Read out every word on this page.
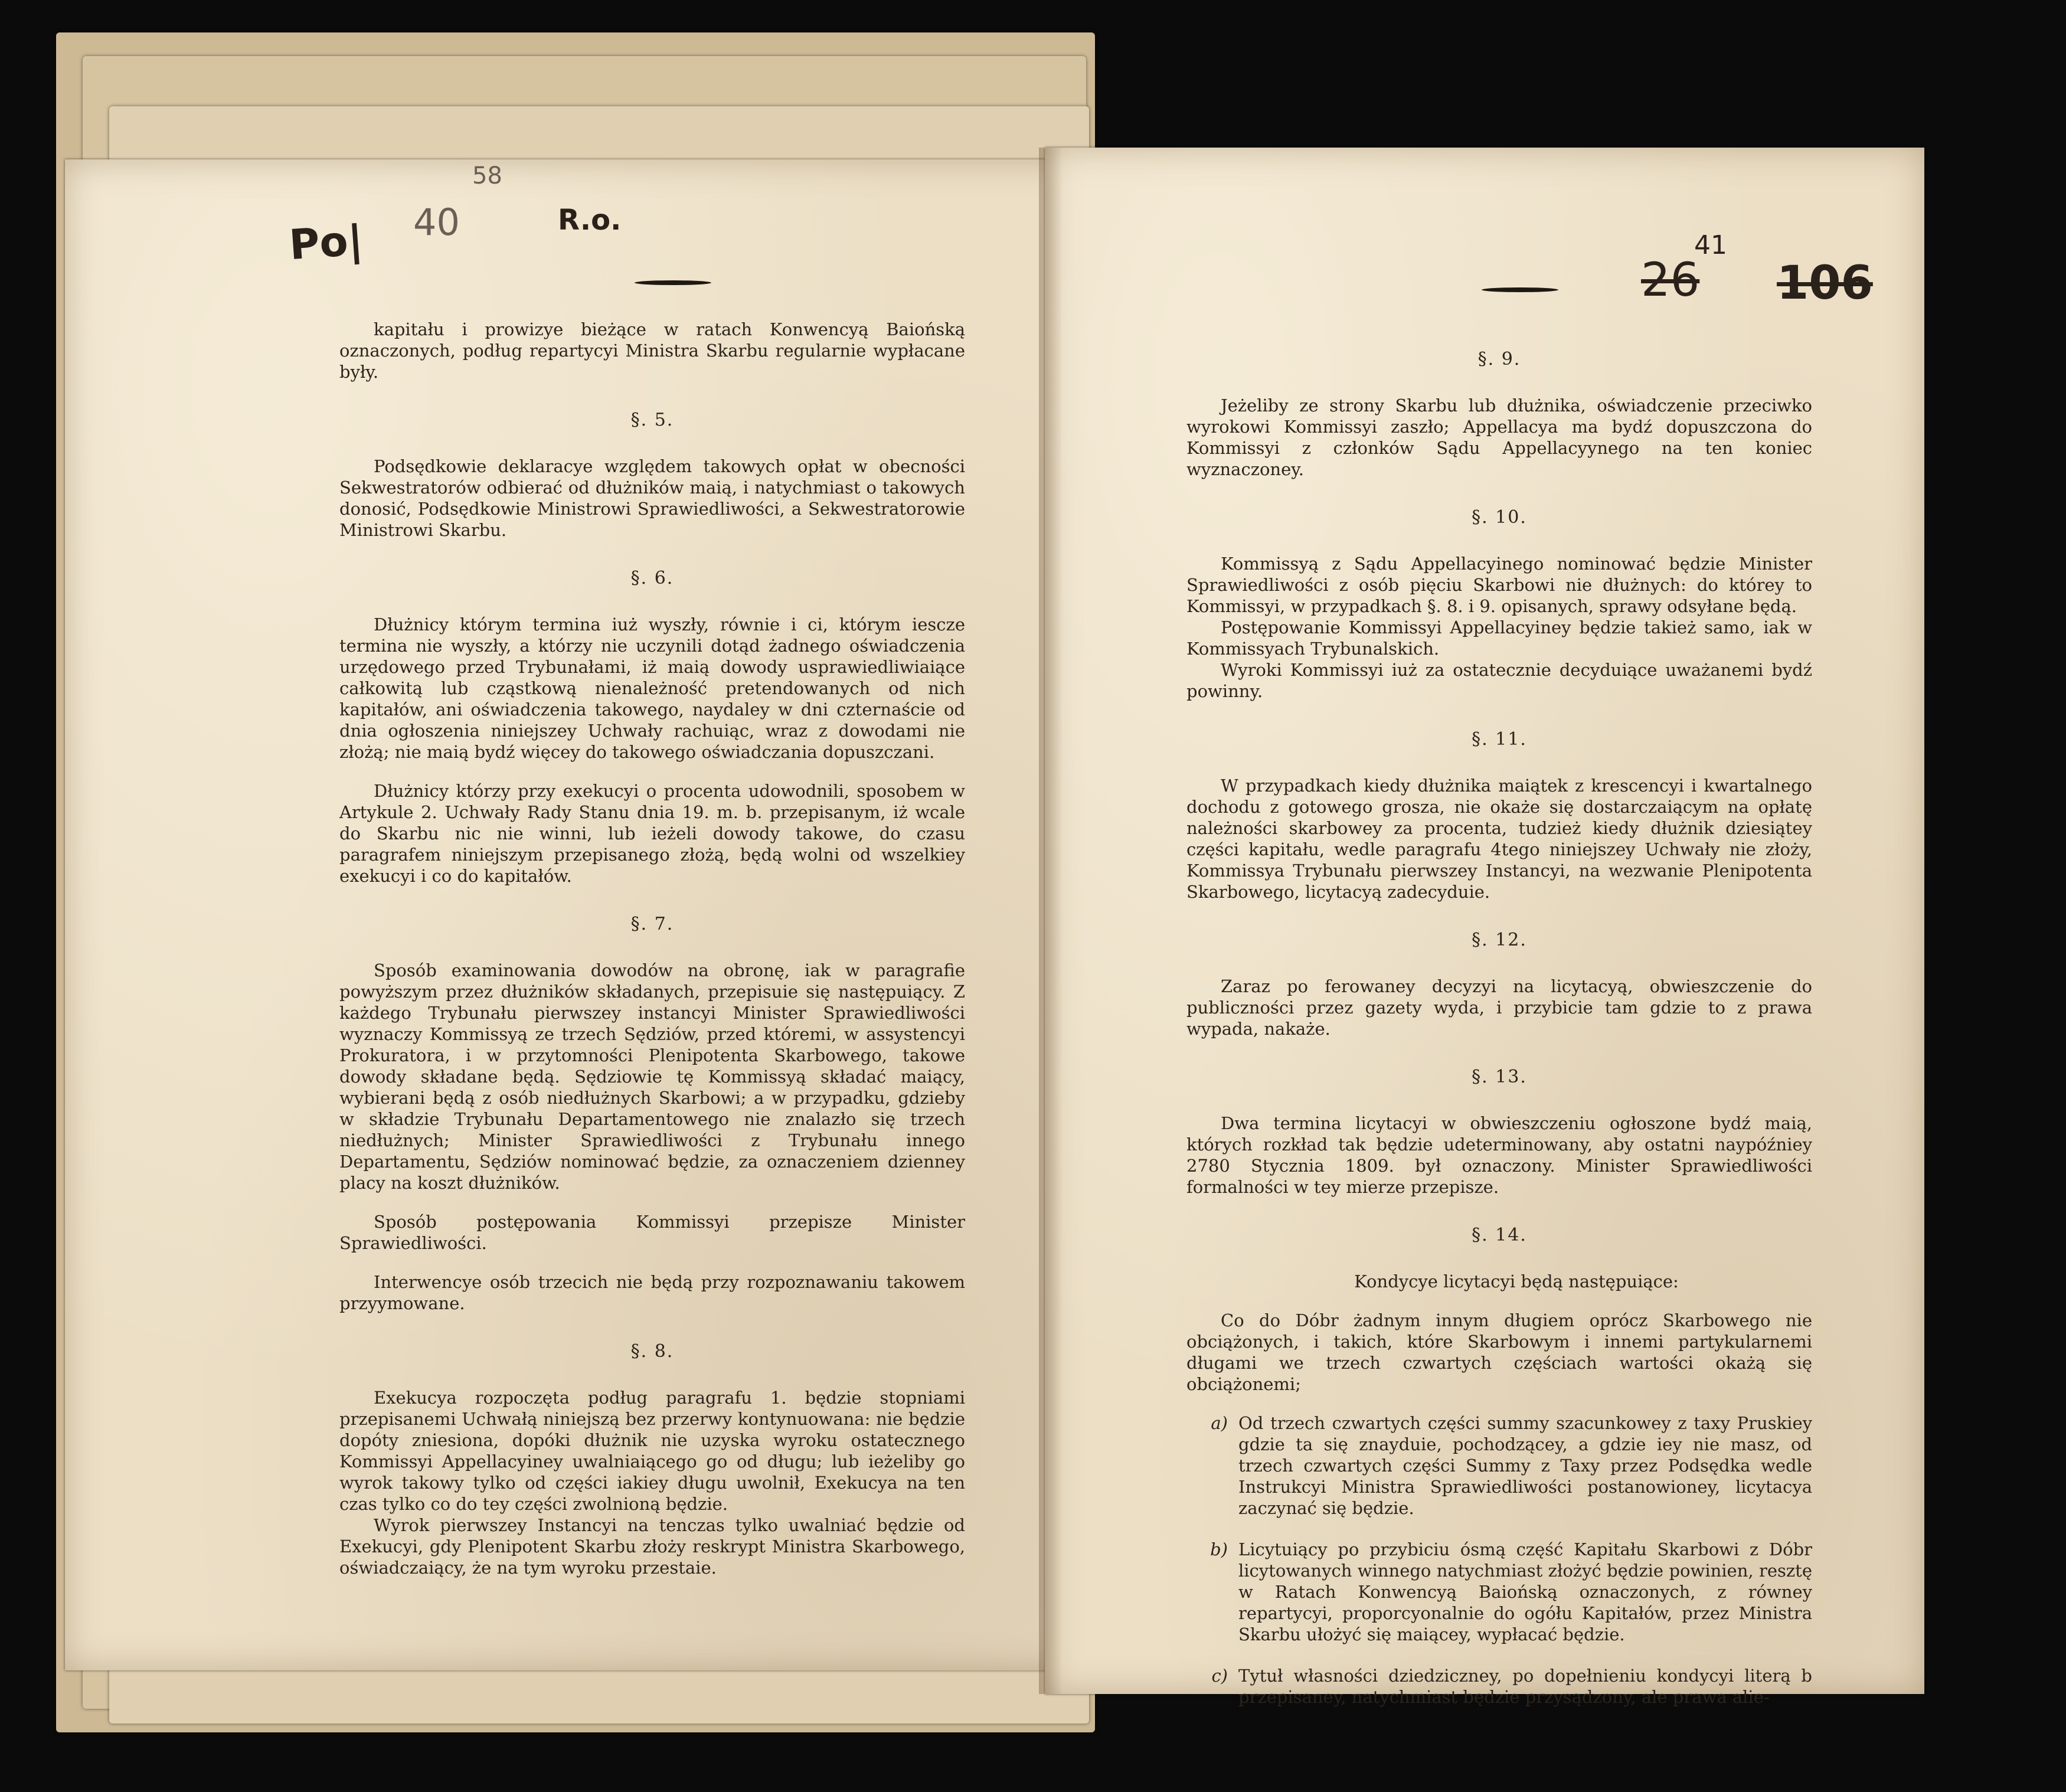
Po| 40
58
R.o.
26
41
106

kapitału i prowizye bieżące w ratach Konwencyą Baiońską oznaczonych, podług repartycyi Ministra Skarbu regularnie wypłacane były.

§. 5.

Podsędkowie deklaracye względem takowych opłat w obecności Sekwestratorów odbierać od dłużników maią, i natychmiast o takowych donosić, Podsędkowie Ministrowi Sprawiedliwości, a Sekwestratorowie Ministrowi Skarbu.

§. 6.

Dłużnicy którym termina iuż wyszły, równie i ci, którym iescze termina nie wyszły, a którzy nie uczynili dotąd żadnego oświadczenia urzędowego przed Trybunałami, iż maią dowody usprawiedliwiaiące całkowitą lub cząstkową nienależność pretendowanych od nich kapitałów, ani oświadczenia takowego, naydaley w dni czternaście od dnia ogłoszenia niniejszey Uchwały rachuiąc, wraz z dowodami nie złożą; nie maią bydź więcey do takowego oświadczania dopuszczani.

Dłużnicy którzy przy exekucyi o procenta udowodnili, sposobem w Artykule 2. Uchwały Rady Stanu dnia 19. m. b. przepisanym, iż wcale do Skarbu nic nie winni, lub ieżeli dowody takowe, do czasu paragrafem niniejszym przepisanego złożą, będą wolni od wszelkiey exekucyi i co do kapitałów.

§. 7.

Sposób examinowania dowodów na obronę, iak w paragrafie powyższym przez dłużników składanych, przepisuie się następuiący. Z każdego Trybunału pierwszey instancyi Minister Sprawiedliwości wyznaczy Kommissyą ze trzech Sędziów, przed któremi, w assystencyi Prokuratora, i w przytomności Plenipotenta Skarbowego, takowe dowody składane będą. Sędziowie tę Kommissyą składać maiący, wybierani będą z osób niedłużnych Skarbowi; a w przypadku, gdzieby w składzie Trybunału Departamentowego nie znalazło się trzech niedłużnych; Minister Sprawiedliwości z Trybunału innego Departamentu, Sędziów nominować będzie, za oznaczeniem dzienney placy na koszt dłużników.

Sposób postępowania Kommissyi przepisze Minister Sprawiedliwości.

Interwencye osób trzecich nie będą przy rozpoznawaniu takowem przyymowane.

§. 8.

Exekucya rozpoczęta podług paragrafu 1. będzie stopniami przepisanemi Uchwałą niniejszą bez przerwy kontynuowana: nie będzie dopóty zniesiona, dopóki dłużnik nie uzyska wyroku ostatecznego Kommissyi Appellacyiney uwalniaiącego go od długu; lub ieżeliby go wyrok takowy tylko od części iakiey długu uwolnił, Exekucya na ten czas tylko co do tey części zwolnioną będzie.

Wyrok pierwszey Instancyi na tenczas tylko uwalniać będzie od Exekucyi, gdy Plenipotent Skarbu złoży reskrypt Ministra Skarbowego, oświadczaiący, że na tym wyroku przestaie.

§. 9.

Jeżeliby ze strony Skarbu lub dłużnika, oświadczenie przeciwko wyrokowi Kommissyi zaszło; Appellacya ma bydź dopuszczona do Kommissyi z członków Sądu Appellacyynego na ten koniec wyznaczoney.

§. 10.

Kommissyą z Sądu Appellacyinego nominować będzie Minister Sprawiedliwości z osób pięciu Skarbowi nie dłużnych: do którey to Kommissyi, w przypadkach §. 8. i 9. opisanych, sprawy odsyłane będą.

Postępowanie Kommissyi Appellacyiney będzie takież samo, iak w Kommissyach Trybunalskich.

Wyroki Kommissyi iuż za ostatecznie decyduiące uważanemi bydź powinny.

§. 11.

W przypadkach kiedy dłużnika maiątek z krescencyi i kwartalnego dochodu z gotowego grosza, nie okaże się dostarczaiącym na opłatę należności skarbowey za procenta, tudzież kiedy dłużnik dziesiątey części kapitału, wedle paragrafu 4tego niniejszey Uchwały nie złoży, Kommissya Trybunału pierwszey Instancyi, na wezwanie Plenipotenta Skarbowego, licytacyą zadecyduie.

§. 12.

Zaraz po ferowaney decyzyi na licytacyą, obwieszczenie do publiczności przez gazety wyda, i przybicie tam gdzie to z prawa wypada, nakaże.

§. 13.

Dwa termina licytacyi w obwieszczeniu ogłoszone bydź maią, których rozkład tak będzie udeterminowany, aby ostatni naypóźniey 2780 Stycznia 1809. był oznaczony. Minister Sprawiedliwości formalności w tey mierze przepisze.

§. 14.

Kondycye licytacyi będą następuiące:

Co do Dóbr żadnym innym długiem oprócz Skarbowego nie obciążonych, i takich, które Skarbowym i innemi partykularnemi długami we trzech czwartych częściach wartości okażą się obciążonemi;

a) Od trzech czwartych części summy szacunkowey z taxy Pruskiey gdzie ta się znayduie, pochodzącey, a gdzie iey nie masz, od trzech czwartych części Summy z Taxy przez Podsędka wedle Instrukcyi Ministra Sprawiedliwości postanowioney, licytacya zaczynać się będzie.
b) Licytuiący po przybiciu ósmą część Kapitału Skarbowi z Dóbr licytowanych winnego natychmiast złożyć będzie powinien, resztę w Ratach Konwencyą Baiońską oznaczonych, z równey repartycyi, proporcyonalnie do ogółu Kapitałów, przez Ministra Skarbu ułożyć się maiącey, wypłacać będzie.
c) Tytuł własności dziedziczney, po dopełnieniu kondycyi literą b przepisaney, natychmiast będzie przysądzony, ale prawa alie-
